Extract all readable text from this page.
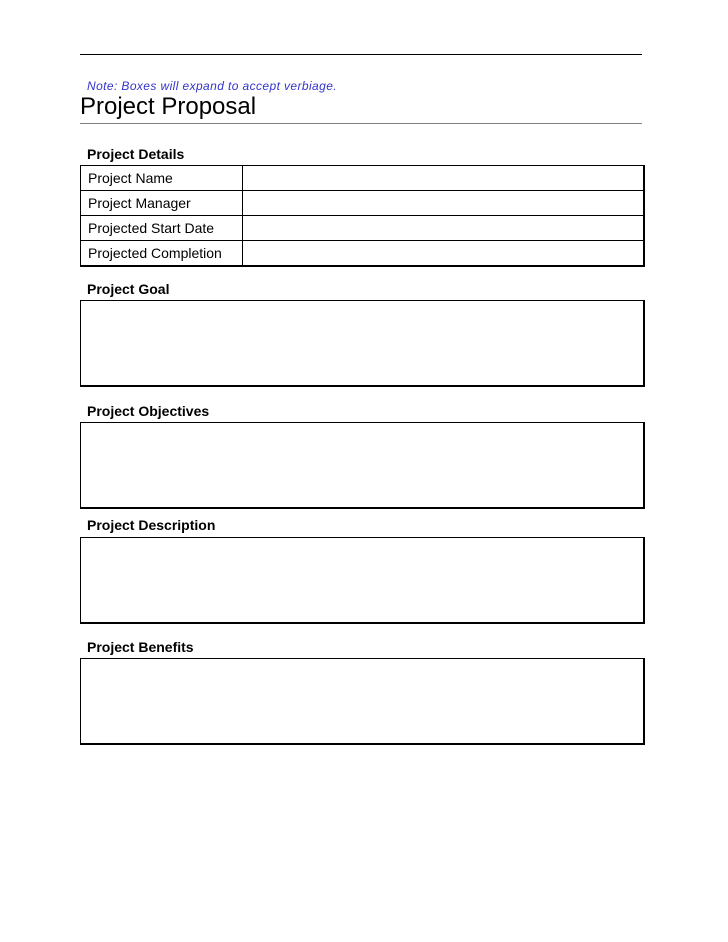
Note: Boxes will expand to accept verbiage.
Project Proposal
Project Details
Project Name	
Project Manager	
Projected Start Date	
Projected Completion	
Project Goal
Project Objectives
Project Description
Project Benefits
